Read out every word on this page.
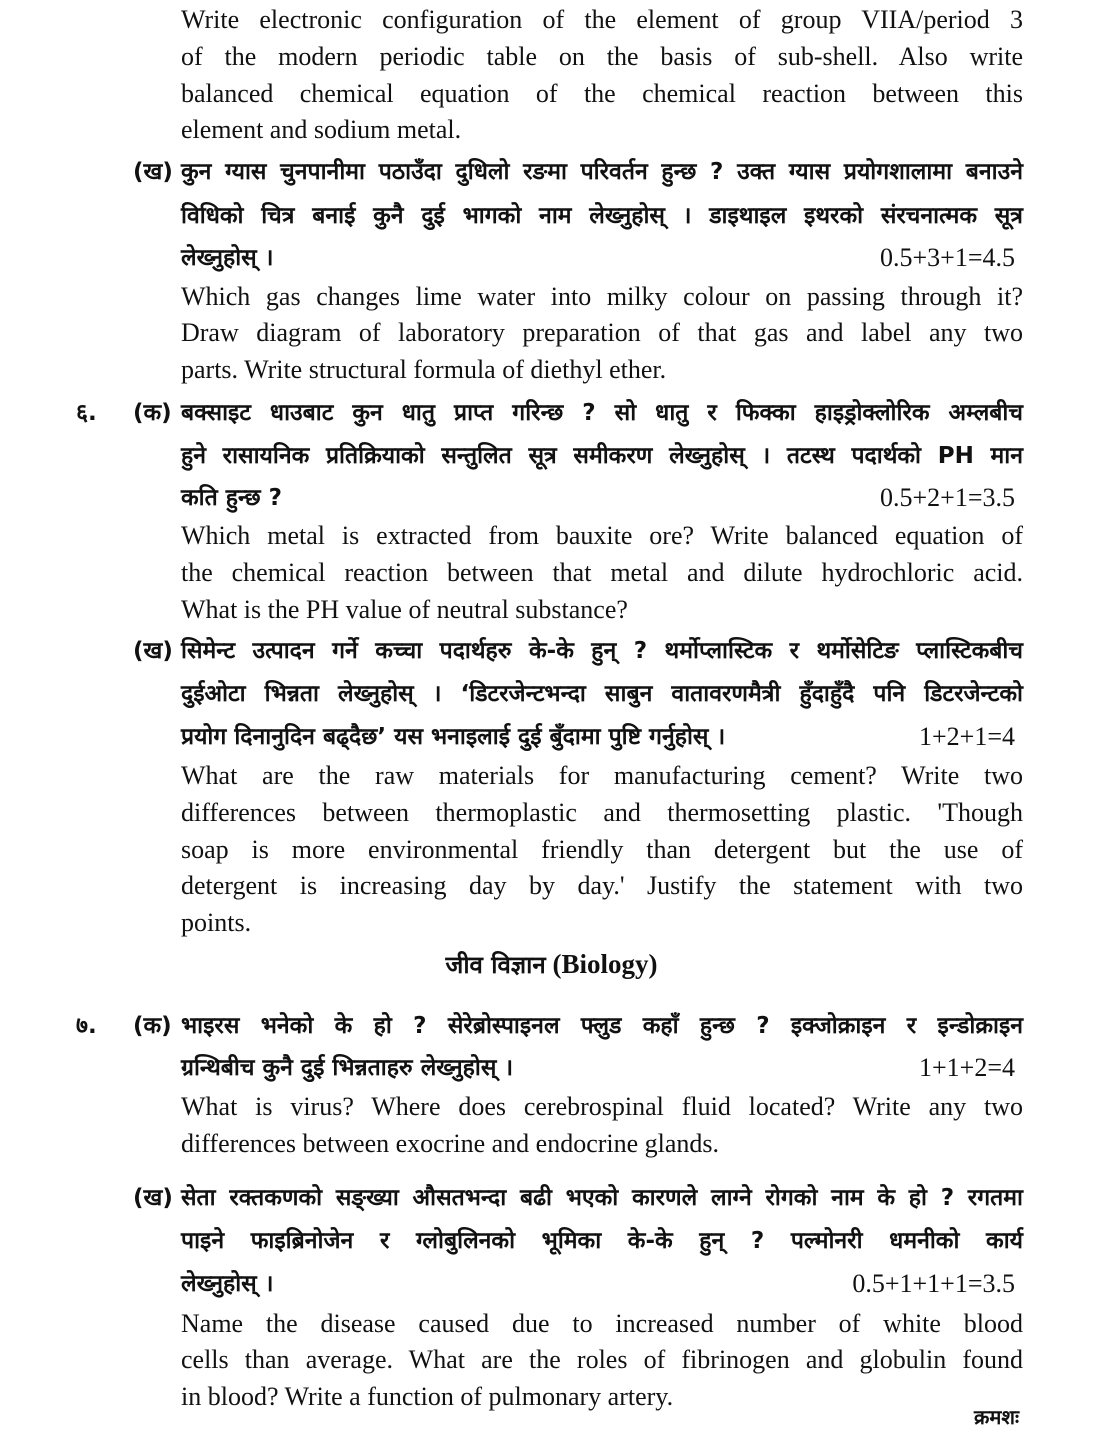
Write electronic configuration of the element of group VIIA/period 3
of the modern periodic table on the basis of sub-shell. Also write
balanced chemical equation of the chemical reaction between this
element and sodium metal.
(ख) कुन ग्यास चुनपानीमा पठाउँदा दुधिलो रङमा परिवर्तन हुन्छ ? उक्त ग्यास प्रयोगशालामा बनाउने
विधिको चित्र बनाई कुनै दुई भागको नाम लेख्नुहोस् । डाइथाइल इथरको संरचनात्मक सूत्र
लेख्नुहोस् ।	0.5+3+1=4.5
Which gas changes lime water into milky colour on passing through it?
Draw diagram of laboratory preparation of that gas and label any two
parts. Write structural formula of diethyl ether.
६. (क) बक्साइट धाउबाट कुन धातु प्राप्त गरिन्छ ? सो धातु र फिक्का हाइड्रोक्लोरिक अम्लबीच
हुने रासायनिक प्रतिक्रियाको सन्तुलित सूत्र समीकरण लेख्नुहोस् । तटस्थ पदार्थको PH मान
कति हुन्छ ?	0.5+2+1=3.5
Which metal is extracted from bauxite ore? Write balanced equation of
the chemical reaction between that metal and dilute hydrochloric acid.
What is the PH value of neutral substance?
(ख) सिमेन्ट उत्पादन गर्ने कच्चा पदार्थहरु के-के हुन् ? थर्मोप्लास्टिक र थर्मोसेटिङ प्लास्टिकबीच
दुईओटा भिन्नता लेख्नुहोस् । ‘डिटरजेन्टभन्दा साबुन वातावरणमैत्री हुँदाहुँदै पनि डिटरजेन्टको
प्रयोग दिनानुदिन बढ्दैछ’ यस भनाइलाई दुई बुँदामा पुष्टि गर्नुहोस् ।	1+2+1=4
What are the raw materials for manufacturing cement? Write two
differences between thermoplastic and thermosetting plastic. 'Though
soap is more environmental friendly than detergent but the use of
detergent is increasing day by day.' Justify the statement with two
points.
जीव विज्ञान (Biology)
७. (क) भाइरस भनेको के हो ? सेरेब्रोस्पाइनल फ्लुड कहाँ हुन्छ ? इक्जोक्राइन र इन्डोक्राइन
ग्रन्थिबीच कुनै दुई भिन्नताहरु लेख्नुहोस् ।	1+1+2=4
What is virus? Where does cerebrospinal fluid located? Write any two
differences between exocrine and endocrine glands.
(ख) सेता रक्तकणको सङ्ख्या औसतभन्दा बढी भएको कारणले लाग्ने रोगको नाम के हो ? रगतमा
पाइने फाइब्रिनोजेन र ग्लोबुलिनको भूमिका के-के हुन् ? पल्मोनरी धमनीको कार्य
लेख्नुहोस् ।	0.5+1+1+1=3.5
Name the disease caused due to increased number of white blood
cells than average. What are the roles of fibrinogen and globulin found
in blood? Write a function of pulmonary artery.
क्रमशः
